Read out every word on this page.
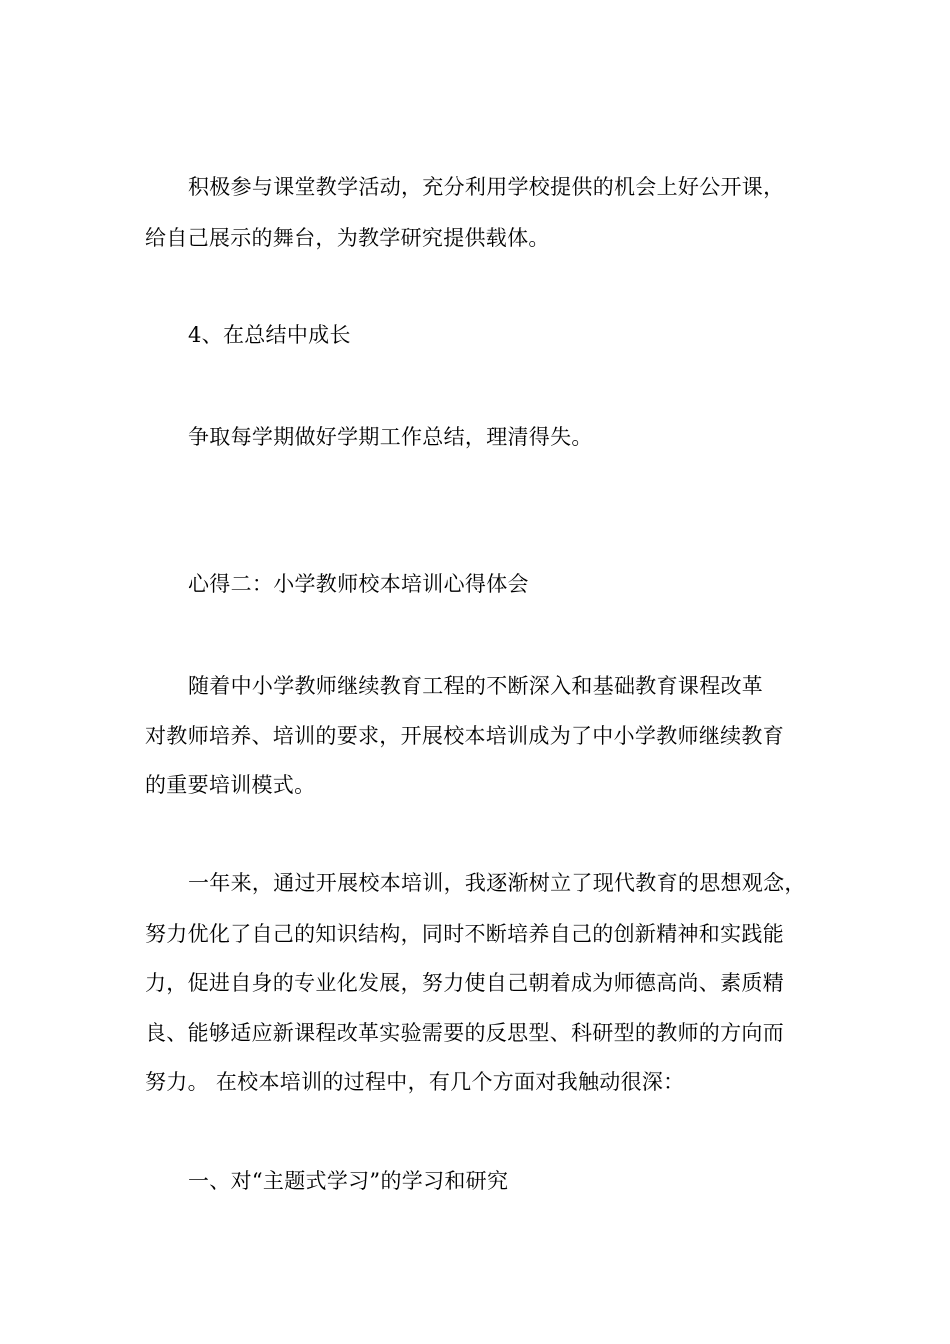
积极参与课堂教学活动，充分利用学校提供的机会上好公开课，
给自己展示的舞台，为教学研究提供载体。
4、在总结中成长
争取每学期做好学期工作总结，理清得失。
心得二：小学教师校本培训心得体会
随着中小学教师继续教育工程的不断深入和基础教育课程改革
对教师培养、培训的要求，开展校本培训成为了中小学教师继续教育
的重要培训模式。
一年来，通过开展校本培训，我逐渐树立了现代教育的思想观念，
努力优化了自己的知识结构，同时不断培养自己的创新精神和实践能
力，促进自身的专业化发展，努力使自己朝着成为师德高尚、素质精
良、能够适应新课程改革实验需要的反思型、科研型的教师的方向而
努力。 在校本培训的过程中，有几个方面对我触动很深：
一、对“主题式学习”的学习和研究
